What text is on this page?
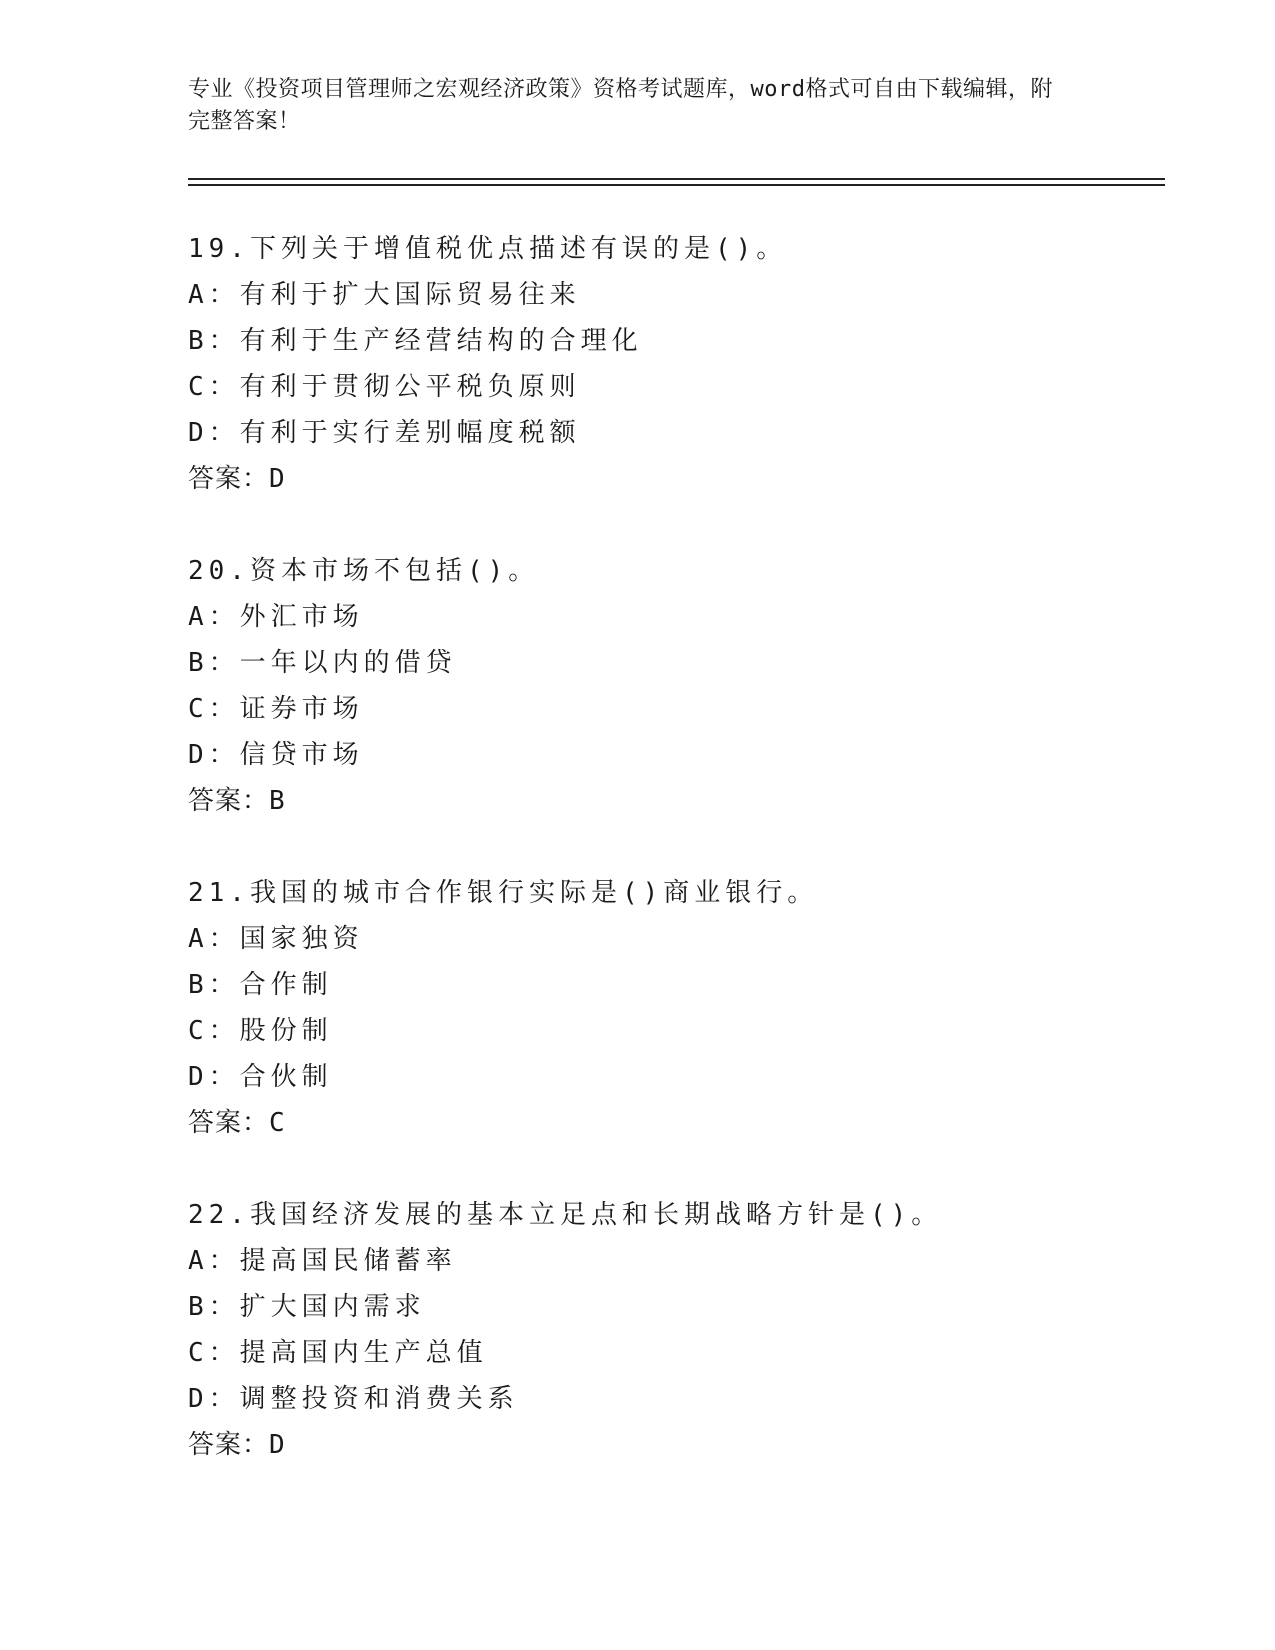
专业《投资项目管理师之宏观经济政策》资格考试题库，word格式可自由下载编辑，附完整答案！
19.下列关于增值税优点描述有误的是()。
A：有利于扩大国际贸易往来
B：有利于生产经营结构的合理化
C：有利于贯彻公平税负原则
D：有利于实行差别幅度税额
答案：D
20.资本市场不包括()。
A：外汇市场
B：一年以内的借贷
C：证券市场
D：信贷市场
答案：B
21.我国的城市合作银行实际是()商业银行。
A：国家独资
B：合作制
C：股份制
D：合伙制
答案：C
22.我国经济发展的基本立足点和长期战略方针是()。
A：提高国民储蓄率
B：扩大国内需求
C：提高国内生产总值
D：调整投资和消费关系
答案：D
